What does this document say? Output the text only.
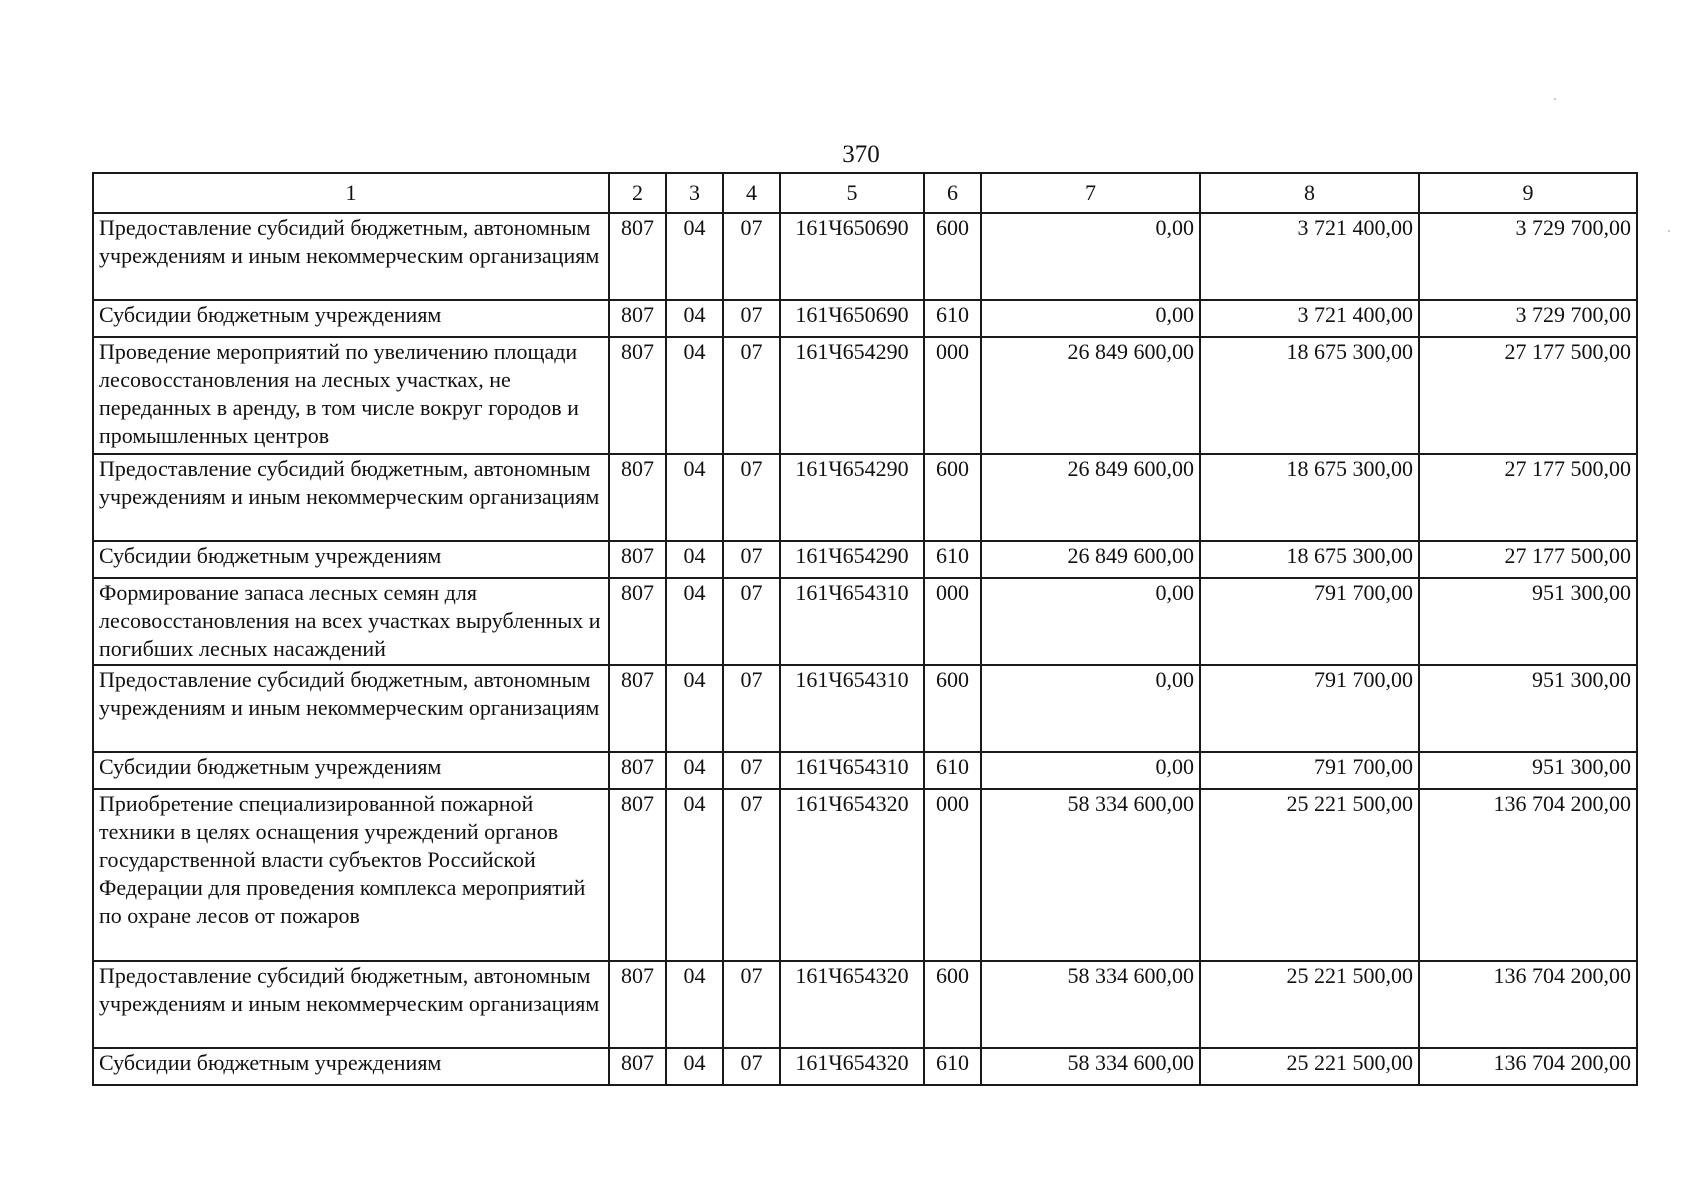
370
1	2	3	4	5	6	7	8	9
Предоставление субсидий бюджетным, автономным учреждениям и иным некоммерческим организациям	807	04	07	161Ч650690	600	0,00	3 721 400,00	3 729 700,00
Субсидии бюджетным учреждениям	807	04	07	161Ч650690	610	0,00	3 721 400,00	3 729 700,00
Проведение мероприятий по увеличению площади лесовосстановления на лесных участках, не переданных в аренду, в том числе вокруг городов и промышленных центров	807	04	07	161Ч654290	000	26 849 600,00	18 675 300,00	27 177 500,00
Предоставление субсидий бюджетным, автономным учреждениям и иным некоммерческим организациям	807	04	07	161Ч654290	600	26 849 600,00	18 675 300,00	27 177 500,00
Субсидии бюджетным учреждениям	807	04	07	161Ч654290	610	26 849 600,00	18 675 300,00	27 177 500,00
Формирование запаса лесных семян для лесовосстановления на всех участках вырубленных и погибших лесных насаждений	807	04	07	161Ч654310	000	0,00	791 700,00	951 300,00
Предоставление субсидий бюджетным, автономным учреждениям и иным некоммерческим организациям	807	04	07	161Ч654310	600	0,00	791 700,00	951 300,00
Субсидии бюджетным учреждениям	807	04	07	161Ч654310	610	0,00	791 700,00	951 300,00
Приобретение специализированной пожарной техники в целях оснащения учреждений органов государственной власти субъектов Российской Федерации для проведения комплекса мероприятий по охране лесов от пожаров	807	04	07	161Ч654320	000	58 334 600,00	25 221 500,00	136 704 200,00
Предоставление субсидий бюджетным, автономным учреждениям и иным некоммерческим организациям	807	04	07	161Ч654320	600	58 334 600,00	25 221 500,00	136 704 200,00
Субсидии бюджетным учреждениям	807	04	07	161Ч654320	610	58 334 600,00	25 221 500,00	136 704 200,00
